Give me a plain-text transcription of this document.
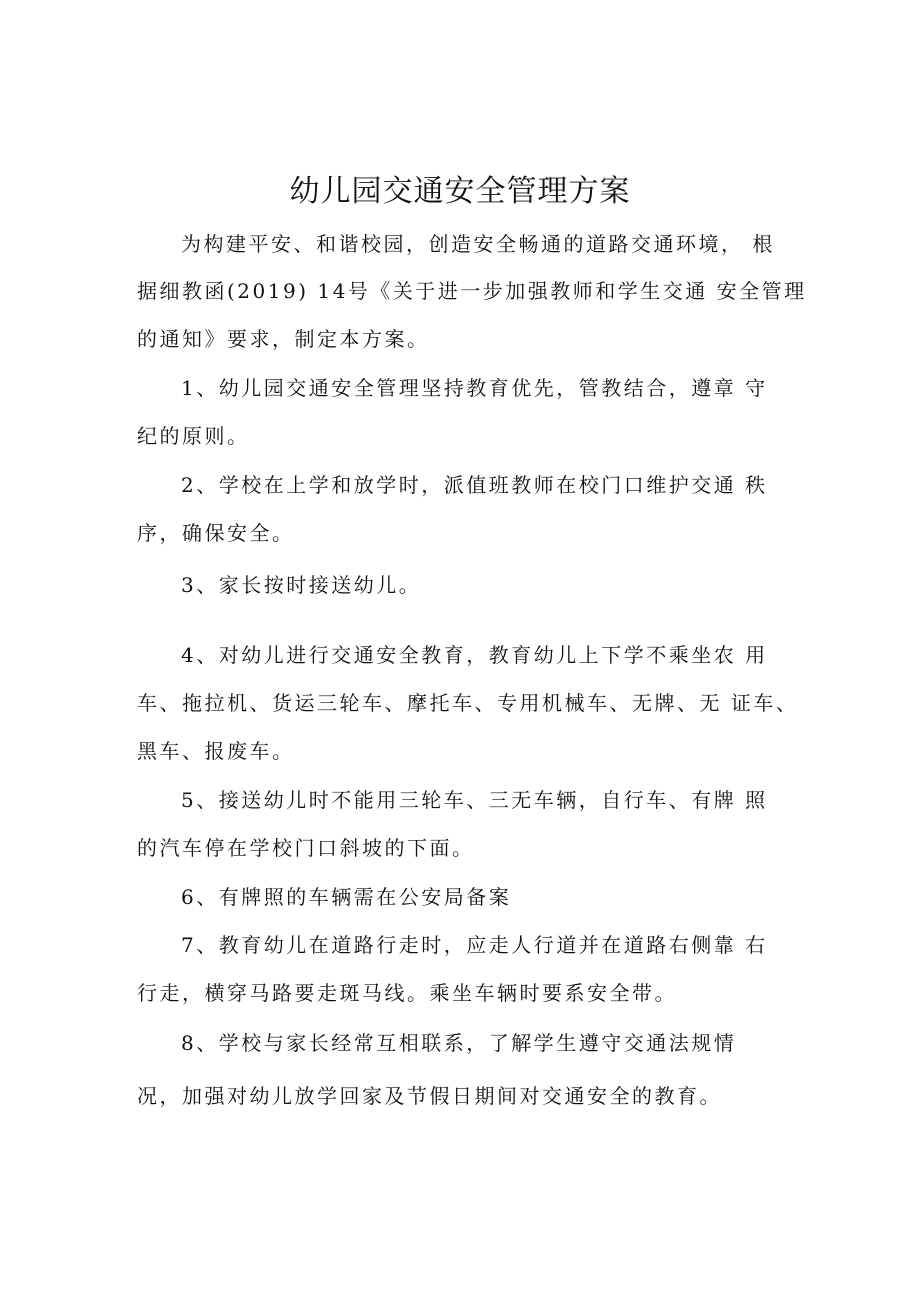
幼儿园交通安全管理方案
为构建平安、和谐校园，创造安全畅通的道路交通环境， 根
据细教函(2019) 14号《关于进一步加强教师和学生交通 安全管理
的通知》要求，制定本方案。
1、幼儿园交通安全管理坚持教育优先，管教结合，遵章 守
纪的原则。
2、学校在上学和放学时，派值班教师在校门口维护交通 秩
序，确保安全。
3、家长按时接送幼儿。
4、对幼儿进行交通安全教育，教育幼儿上下学不乘坐农 用
车、拖拉机、货运三轮车、摩托车、专用机械车、无牌、无 证车、
黑车、报废车。
5、接送幼儿时不能用三轮车、三无车辆，自行车、有牌 照
的汽车停在学校门口斜坡的下面。
6、有牌照的车辆需在公安局备案
7、教育幼儿在道路行走时，应走人行道并在道路右侧靠 右
行走，横穿马路要走斑马线。乘坐车辆时要系安全带。
8、学校与家长经常互相联系，了解学生遵守交通法规情
况，加强对幼儿放学回家及节假日期间对交通安全的教育。
